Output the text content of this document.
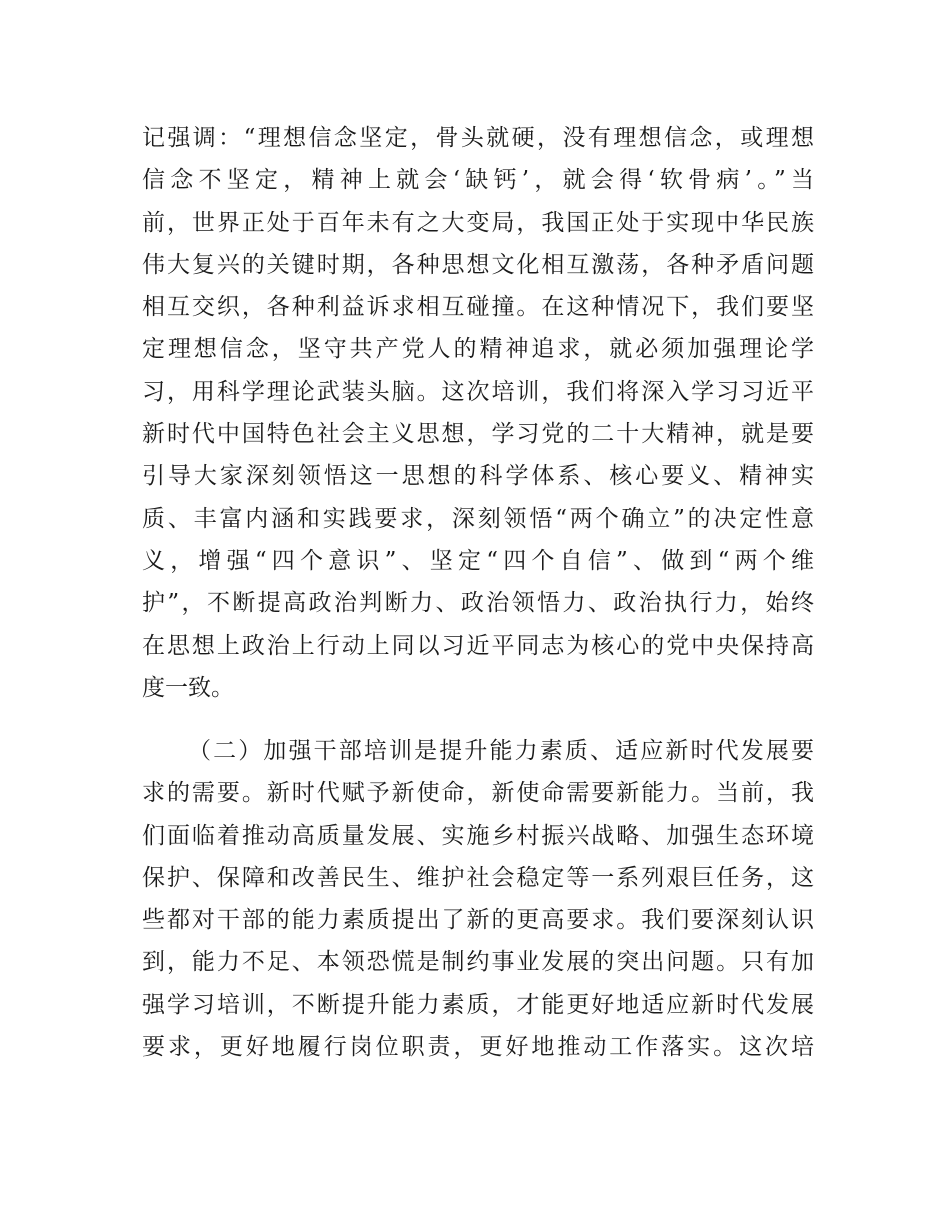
记强调：“理想信念坚定，骨头就硬，没有理想信念，或理想
信念不坚定，精神上就会‘缺钙’，就会得‘软骨病’。”当
前，世界正处于百年未有之大变局，我国正处于实现中华民族
伟大复兴的关键时期，各种思想文化相互激荡，各种矛盾问题
相互交织，各种利益诉求相互碰撞。在这种情况下，我们要坚
定理想信念，坚守共产党人的精神追求，就必须加强理论学
习，用科学理论武装头脑。这次培训，我们将深入学习习近平
新时代中国特色社会主义思想，学习党的二十大精神，就是要
引导大家深刻领悟这一思想的科学体系、核心要义、精神实
质、丰富内涵和实践要求，深刻领悟“两个确立”的决定性意
义，增强“四个意识”、坚定“四个自信”、做到“两个维
护”，不断提高政治判断力、政治领悟力、政治执行力，始终
在思想上政治上行动上同以习近平同志为核心的党中央保持高
度一致。
（二）加强干部培训是提升能力素质、适应新时代发展要
求的需要。新时代赋予新使命，新使命需要新能力。当前，我
们面临着推动高质量发展、实施乡村振兴战略、加强生态环境
保护、保障和改善民生、维护社会稳定等一系列艰巨任务，这
些都对干部的能力素质提出了新的更高要求。我们要深刻认识
到，能力不足、本领恐慌是制约事业发展的突出问题。只有加
强学习培训，不断提升能力素质，才能更好地适应新时代发展
要求，更好地履行岗位职责，更好地推动工作落实。这次培
